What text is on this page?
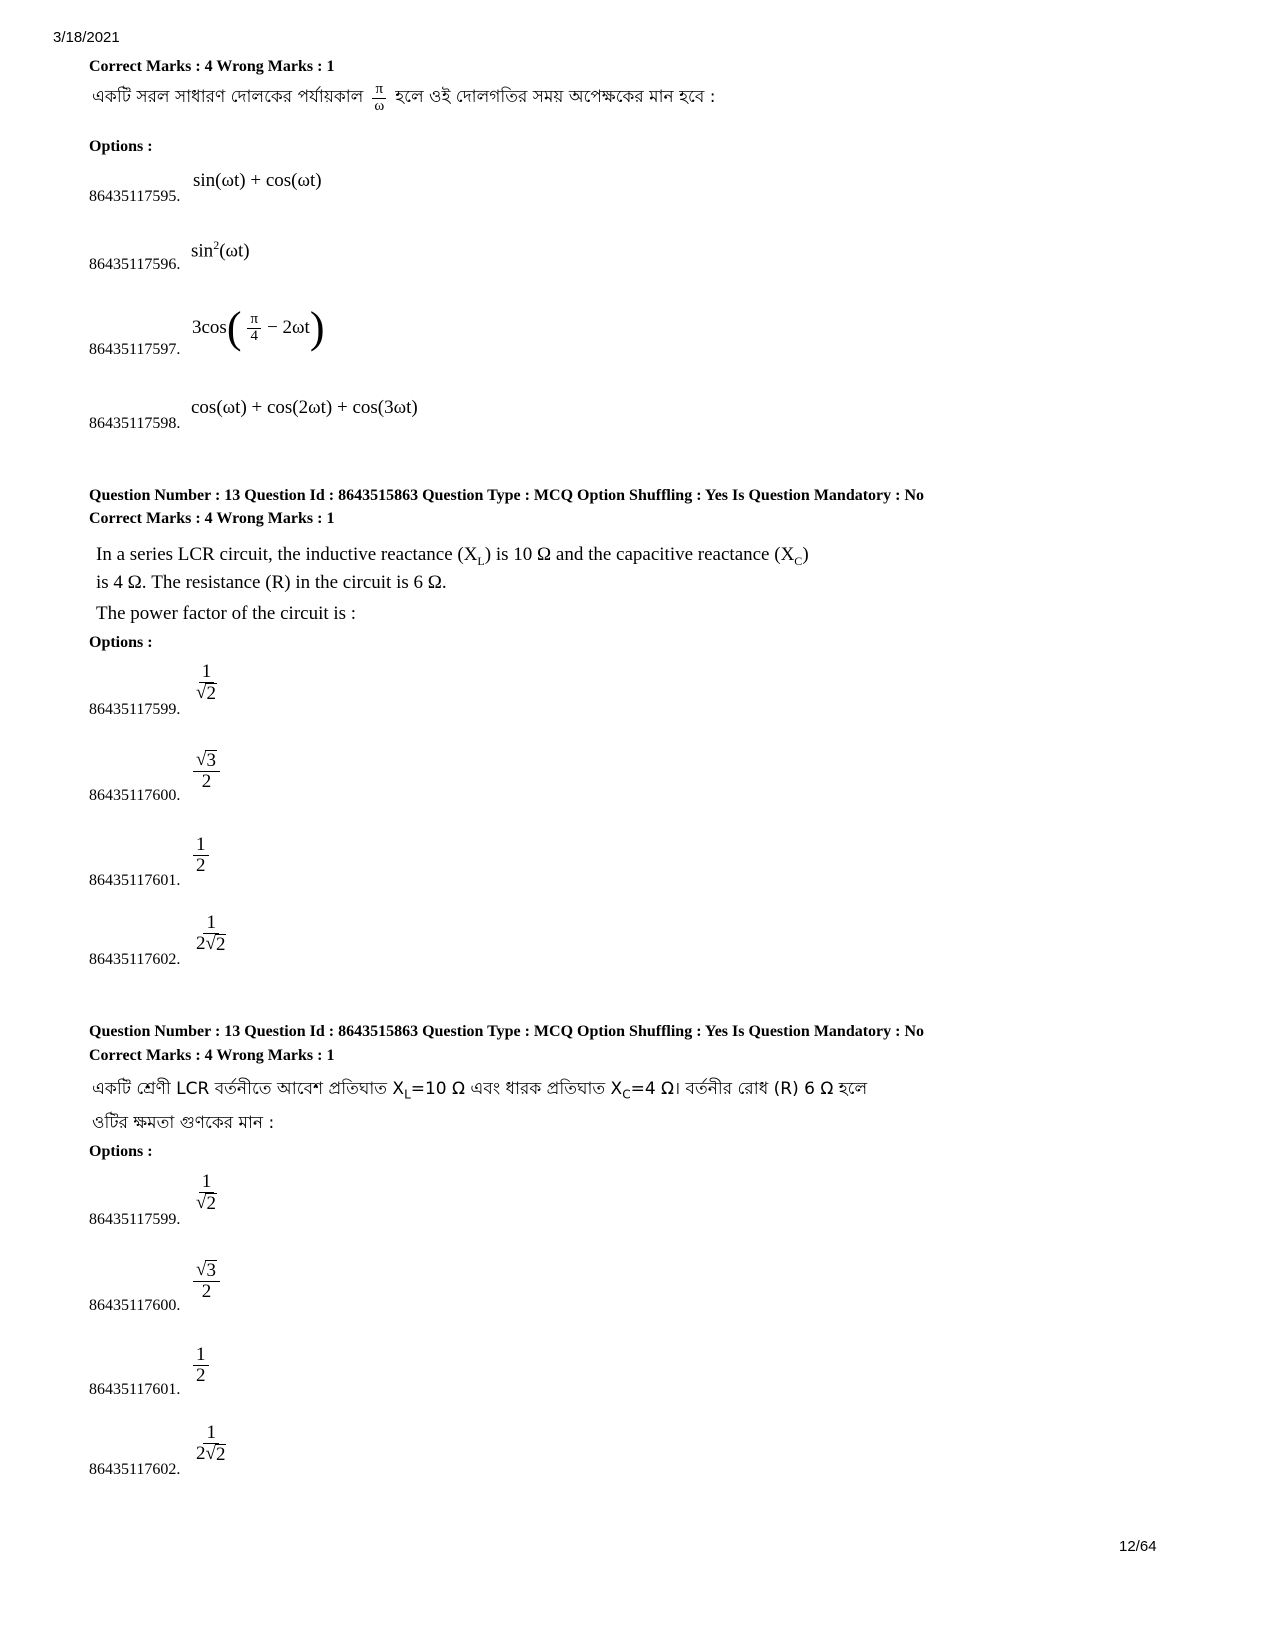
3/18/2021
12/64
Correct Marks : 4 Wrong Marks : 1
একটি সরল সাধারণ দোলকের পর্যায়কাল $\frac{\pi}{\omega}$ হলে ওই দোলগতির সময় অপেক্ষকের মান হবে :
Options :
86435117595.
sin(ωt) + cos(ωt)
86435117596.
$\sin^2(\omega t)$
86435117597.
3cos ( $\frac{\pi}{4} - 2\omega t$ )
86435117598.
cos(ωt) + cos(2ωt) + cos(3ωt)
Question Number : 13 Question Id : 8643515863 Question Type : MCQ Option Shuffling : Yes Is Question Mandatory : No
Correct Marks : 4 Wrong Marks : 1
In a series LCR circuit, the inductive reactance $(X_L)$ is 10 Ω and the capacitive reactance $(X_C)$
is 4 Ω. The resistance (R) in the circuit is 6 Ω.
The power factor of the circuit is :
Options :
86435117599.
$\frac{1}{√ 2}$
86435117600.
$\frac{√ 3}{2}$
86435117601.
$\frac{1}{2}$
86435117602.
$\frac{1}{2 √ 2}$
Question Number : 13 Question Id : 8643515863 Question Type : MCQ Option Shuffling : Yes Is Question Mandatory : No
Correct Marks : 4 Wrong Marks : 1
একটি শ্রেণী LCR বর্তনীতে আবেশ প্রতিঘাত $X_L=10$ Ω এবং ধারক প্রতিঘাত $X_C=4$ Ω। বর্তনীর রোধ (R) 6 Ω হলে
ওটির ক্ষমতা গুণকের মান :
Options :
86435117599.
$\frac{1}{√ 2}$
86435117600.
$\frac{√ 3}{2}$
86435117601.
$\frac{1}{2}$
86435117602.
$\frac{1}{2 √ 2}$
